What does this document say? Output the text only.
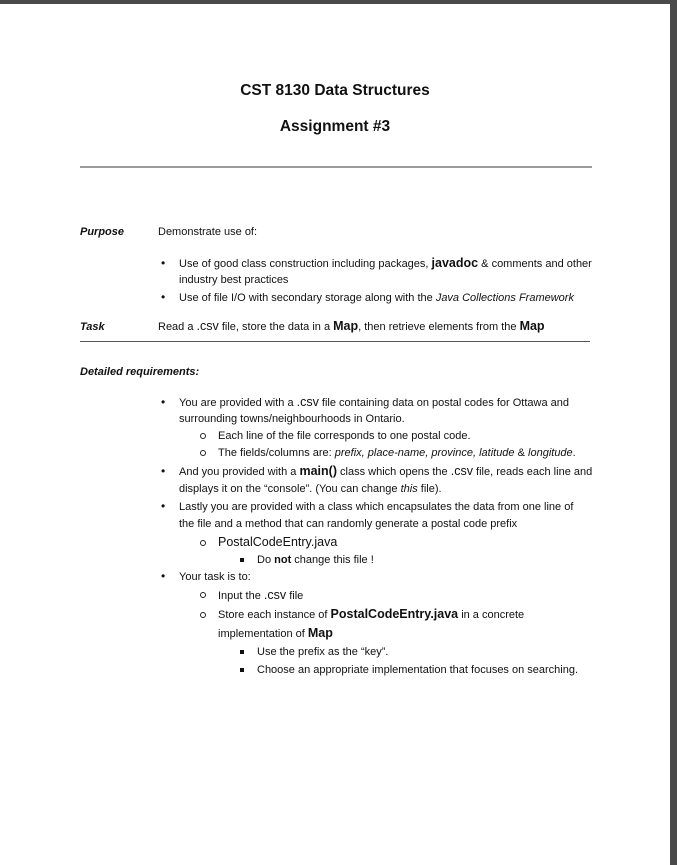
CST 8130 Data Structures
Assignment #3
Purpose	Demonstrate use of:
• Use of good class construction including packages, javadoc & comments and other
industry best practices
• Use of file I/O with secondary storage along with the Java Collections Framework
Task	Read a .csv file, store the data in a Map, then retrieve elements from the Map
Detailed requirements:
• You are provided with a .csv file containing data on postal codes for Ottawa and
surrounding towns/neighbourhoods in Ontario.
Each line of the file corresponds to one postal code.
The fields/columns are: prefix, place-name, province, latitude & longitude.
• And you provided with a main() class which opens the .csv file, reads each line and
displays it on the “console”. (You can change this file).
• Lastly you are provided with a class which encapsulates the data from one line of
the file and a method that can randomly generate a postal code prefix
PostalCodeEntry.java
Do not change this file !
• Your task is to:
Input the .csv file
Store each instance of PostalCodeEntry.java in a concrete
implementation of Map
Use the prefix as the “key”.
Choose an appropriate implementation that focuses on searching.
